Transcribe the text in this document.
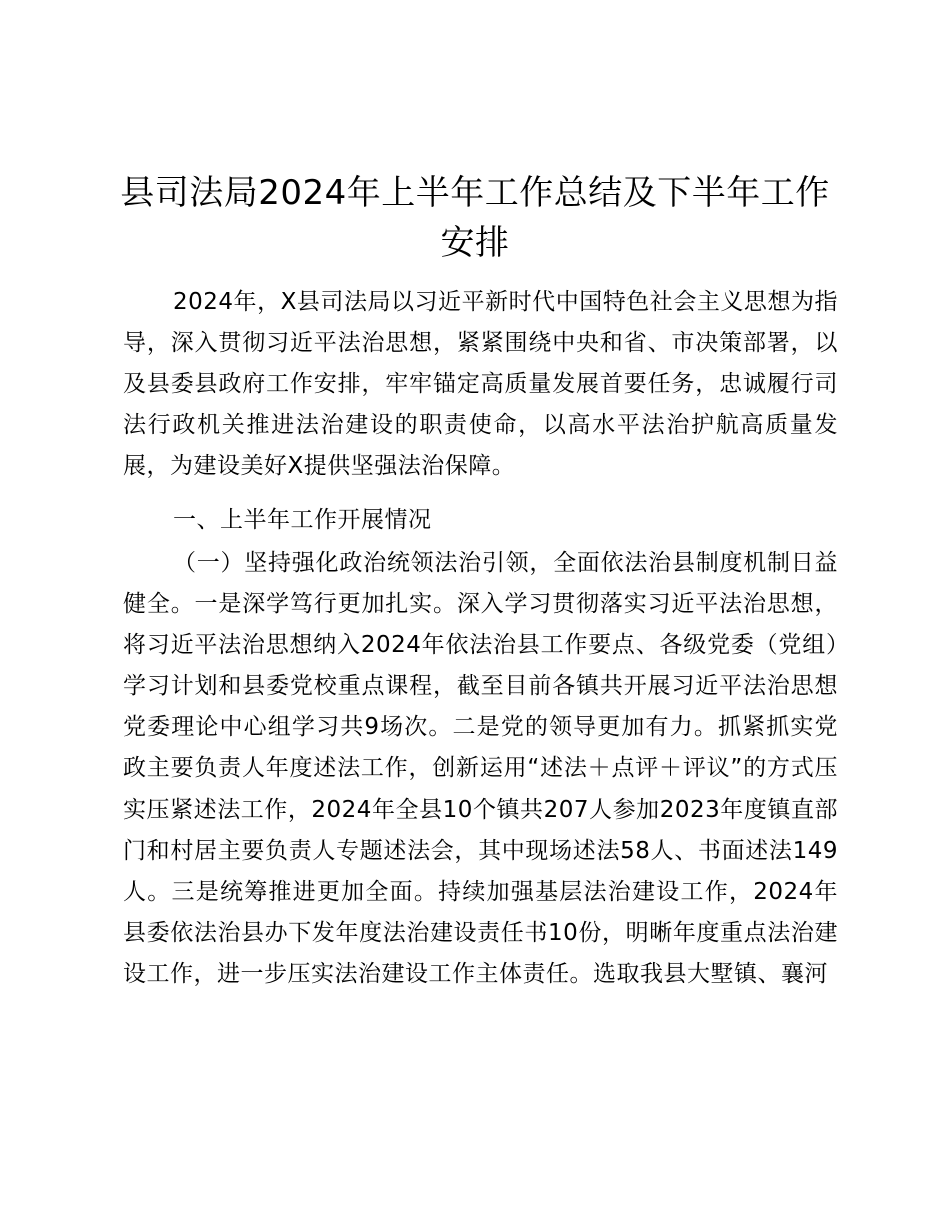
县司法局2024年上半年工作总结及下半年工作安排
2024年，X县司法局以习近平新时代中国特色社会主义思想为指导，深入贯彻习近平法治思想，紧紧围绕中央和省、市决策部署，以及县委县政府工作安排，牢牢锚定高质量发展首要任务，忠诚履行司法行政机关推进法治建设的职责使命，以高水平法治护航高质量发展，为建设美好X提供坚强法治保障。
一、上半年工作开展情况
（一）坚持强化政治统领法治引领，全面依法治县制度机制日益健全。一是深学笃行更加扎实。深入学习贯彻落实习近平法治思想，将习近平法治思想纳入2024年依法治县工作要点、各级党委（党组）学习计划和县委党校重点课程，截至目前各镇共开展习近平法治思想党委理论中心组学习共9场次。二是党的领导更加有力。抓紧抓实党政主要负责人年度述法工作，创新运用“述法＋点评＋评议”的方式压实压紧述法工作，2024年全县10个镇共207人参加2023年度镇直部门和村居主要负责人专题述法会，其中现场述法58人、书面述法149人。三是统筹推进更加全面。持续加强基层法治建设工作，2024年县委依法治县办下发年度法治建设责任书10份，明晰年度重点法治建设工作，进一步压实法治建设工作主体责任。选取我县大墅镇、襄河
